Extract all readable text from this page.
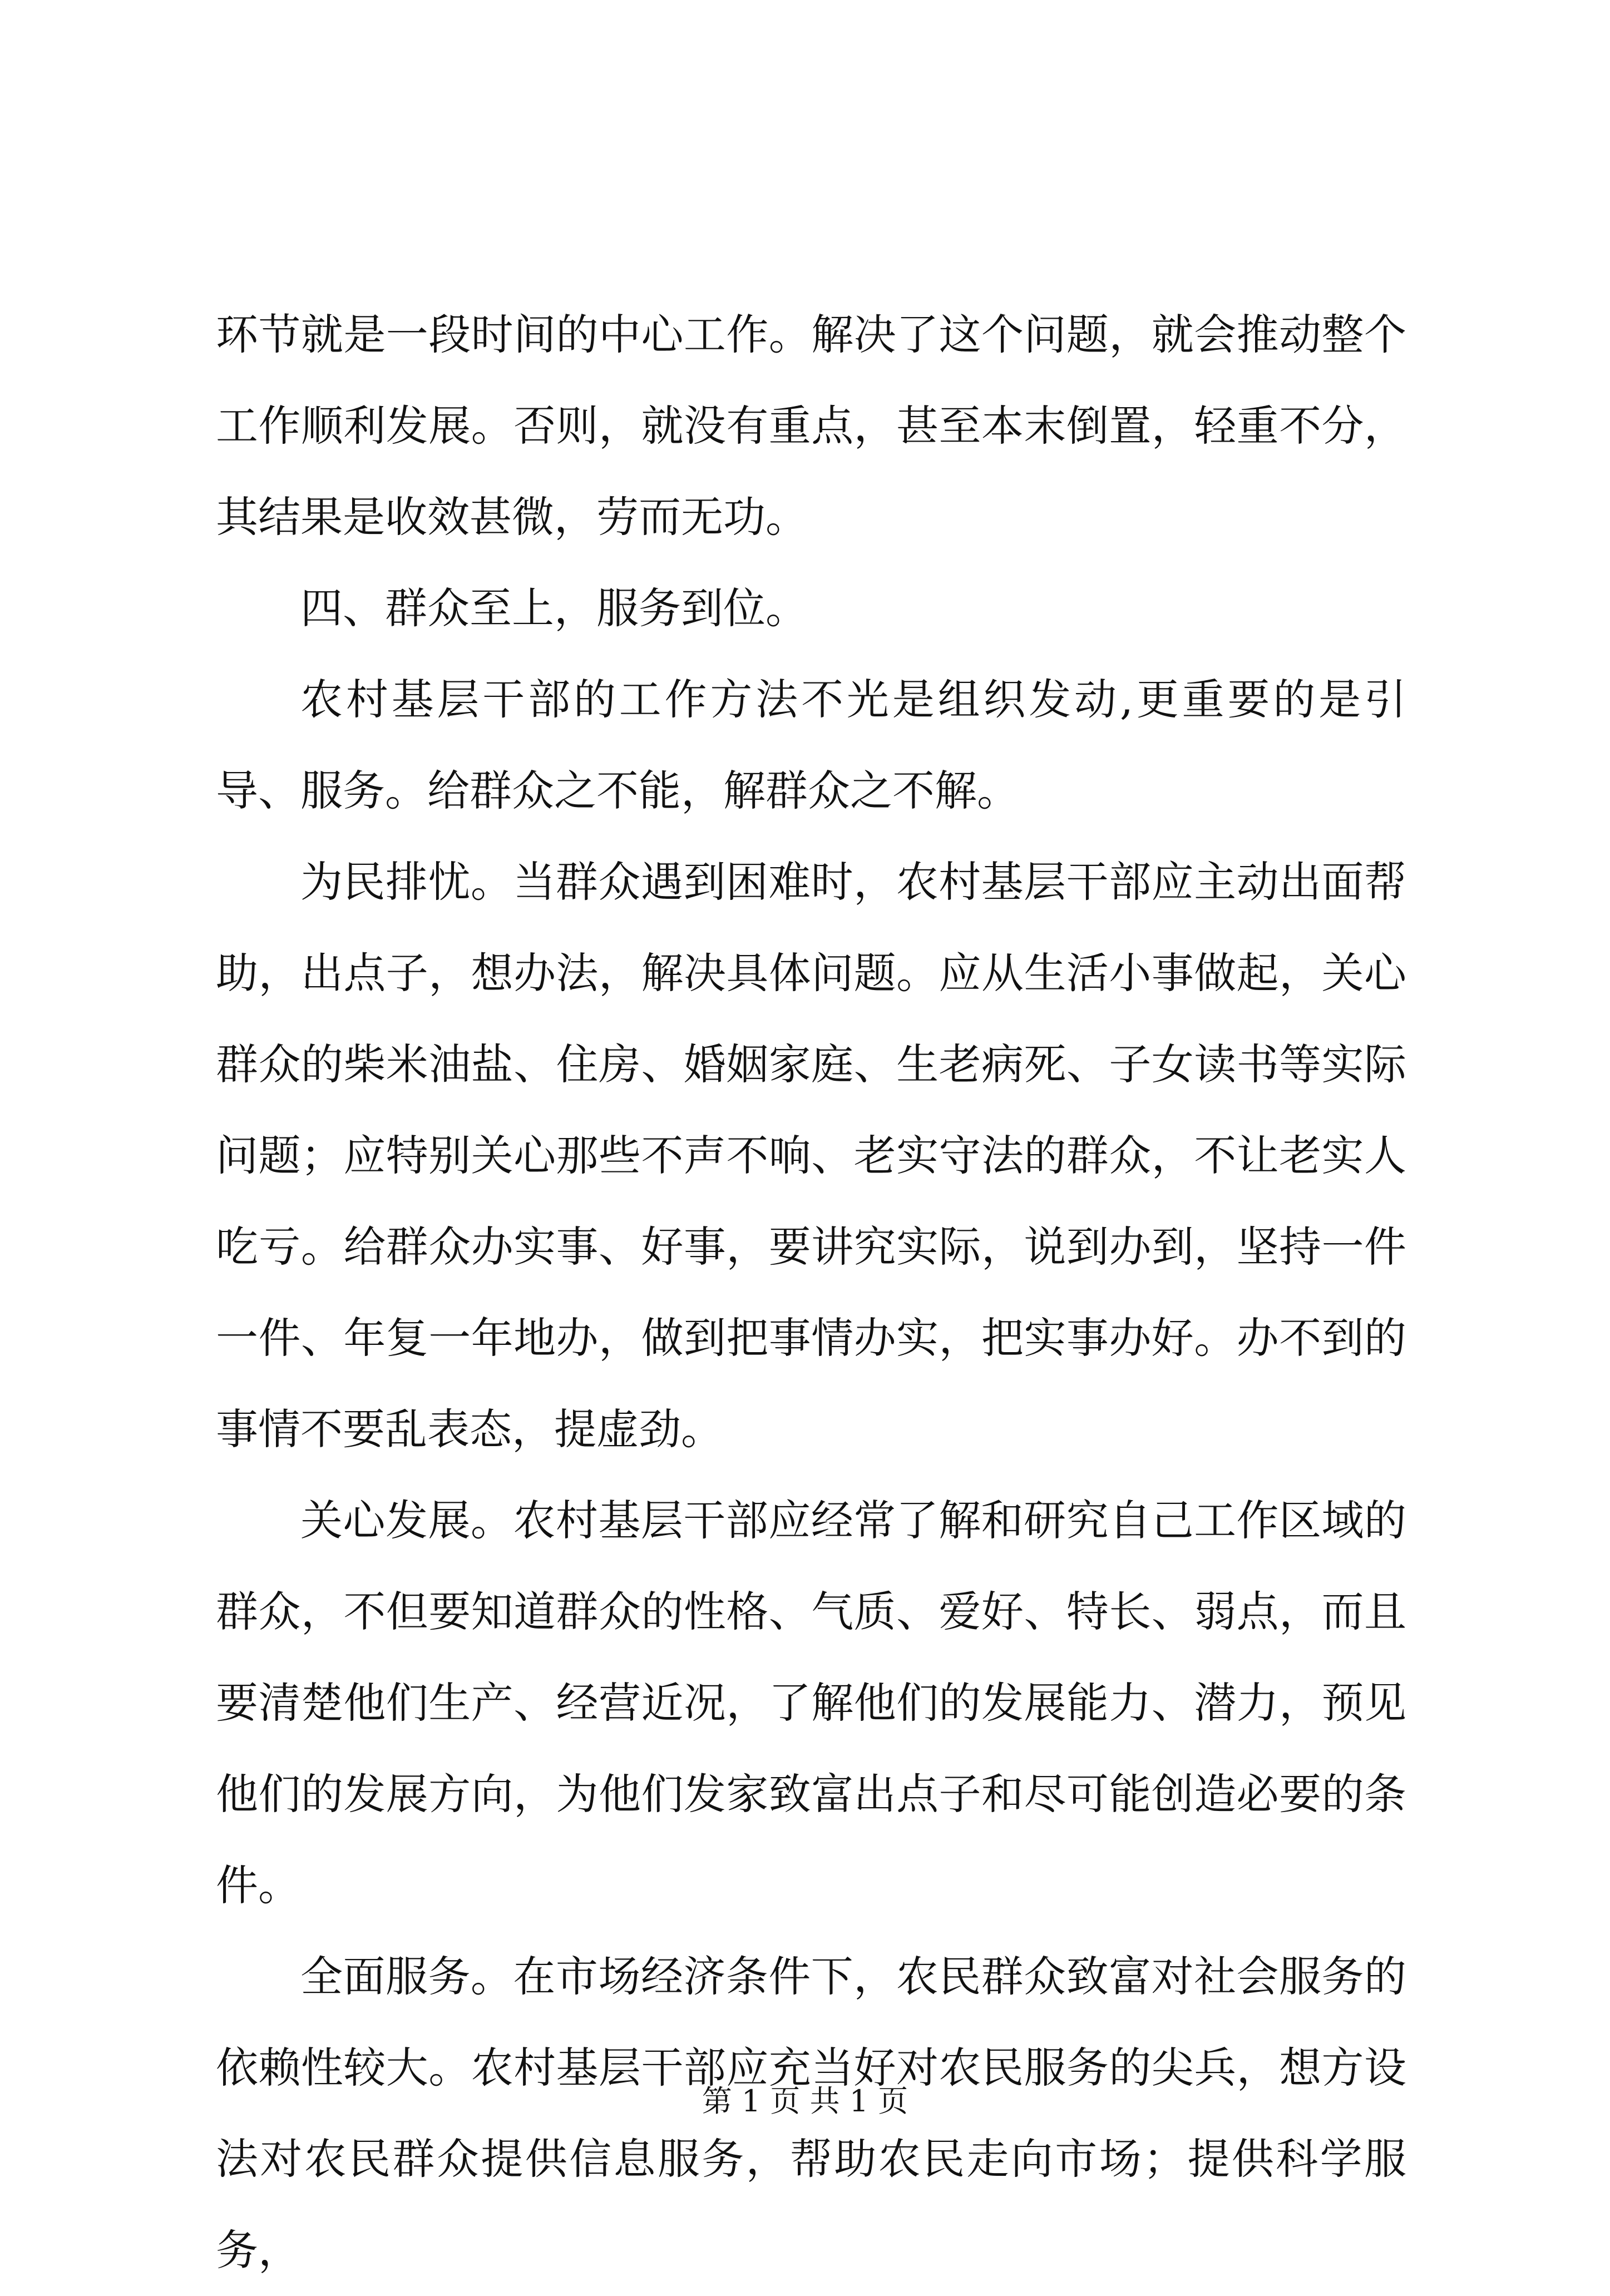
环节就是一段时间的中心工作。解决了这个问题，就会推动整个工作顺利发展。否则，就没有重点，甚至本末倒置，轻重不分，其结果是收效甚微，劳而无功。

四、群众至上，服务到位。

农村基层干部的工作方法不光是组织发动,更重要的是引导、服务。给群众之不能，解群众之不解。

为民排忧。当群众遇到困难时，农村基层干部应主动出面帮助，出点子，想办法，解决具体问题。应从生活小事做起，关心群众的柴米油盐、住房、婚姻家庭、生老病死、子女读书等实际问题；应特别关心那些不声不响、老实守法的群众，不让老实人吃亏。给群众办实事、好事，要讲究实际，说到办到，坚持一件一件、年复一年地办，做到把事情办实，把实事办好。办不到的事情不要乱表态，提虚劲。

关心发展。农村基层干部应经常了解和研究自己工作区域的群众，不但要知道群众的性格、气质、爱好、特长、弱点，而且要清楚他们生产、经营近况，了解他们的发展能力、潜力，预见他们的发展方向，为他们发家致富出点子和尽可能创造必要的条件。

全面服务。在市场经济条件下，农民群众致富对社会服务的依赖性较大。农村基层干部应充当好对农民服务的尖兵，想方设法对农民群众提供信息服务，帮助农民走向市场；提供科学服务，

第 1 页 共 1 页
